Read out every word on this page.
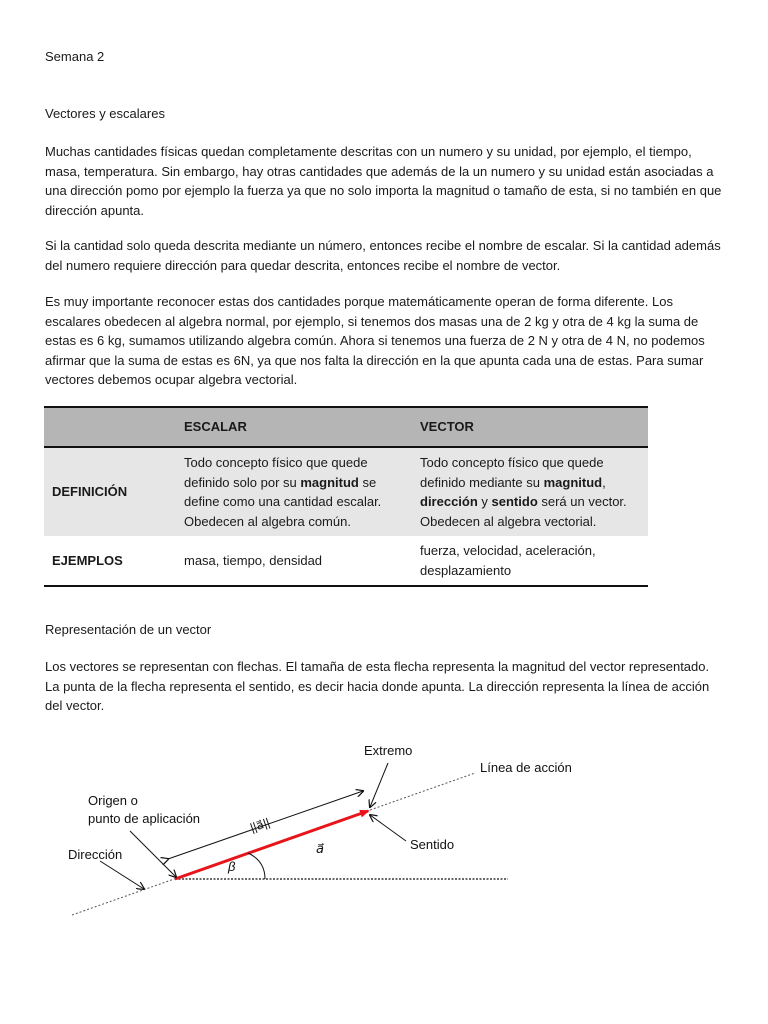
Semana 2

Vectores y escalares

Muchas cantidades físicas quedan completamente descritas con un numero y su unidad, por ejemplo, el tiempo, masa, temperatura. Sin embargo, hay otras cantidades que además de la un numero y su unidad están asociadas a una dirección pomo por ejemplo la fuerza ya que no solo importa la magnitud o tamaño de esta, si no también en que dirección apunta.

Si la cantidad solo queda descrita mediante un número, entonces recibe el nombre de escalar. Si la cantidad además del numero requiere dirección para quedar descrita, entonces recibe el nombre de vector.

Es muy importante reconocer estas dos cantidades porque matemáticamente operan de forma diferente. Los escalares obedecen al algebra normal, por ejemplo, si tenemos dos masas una de 2 kg y otra de 4 kg la suma de estas es 6 kg, sumamos utilizando algebra común. Ahora si tenemos una fuerza de 2 N y otra de 4 N, no podemos afirmar que la suma de estas es 6N, ya que nos falta la dirección en la que apunta cada una de estas. Para sumar vectores debemos ocupar algebra vectorial.

	ESCALAR	VECTOR
DEFINICIÓN	Todo concepto físico que quede definido solo por su magnitud se define como una cantidad escalar. Obedecen al algebra común.	Todo concepto físico que quede definido mediante su magnitud, dirección y sentido será un vector. Obedecen al algebra vectorial.
EJEMPLOS	masa, tiempo, densidad	fuerza, velocidad, aceleración, desplazamiento

Representación de un vector

Los vectores se representan con flechas. El tamaña de esta flecha representa la magnitud del vector representado. La punta de la flecha representa el sentido, es decir hacia donde apunta. La dirección representa la línea de acción del vector.

Extremo
Línea de acción
Origen o
punto de aplicación
Dirección
Sentido
||a⃗||
a⃗
β
